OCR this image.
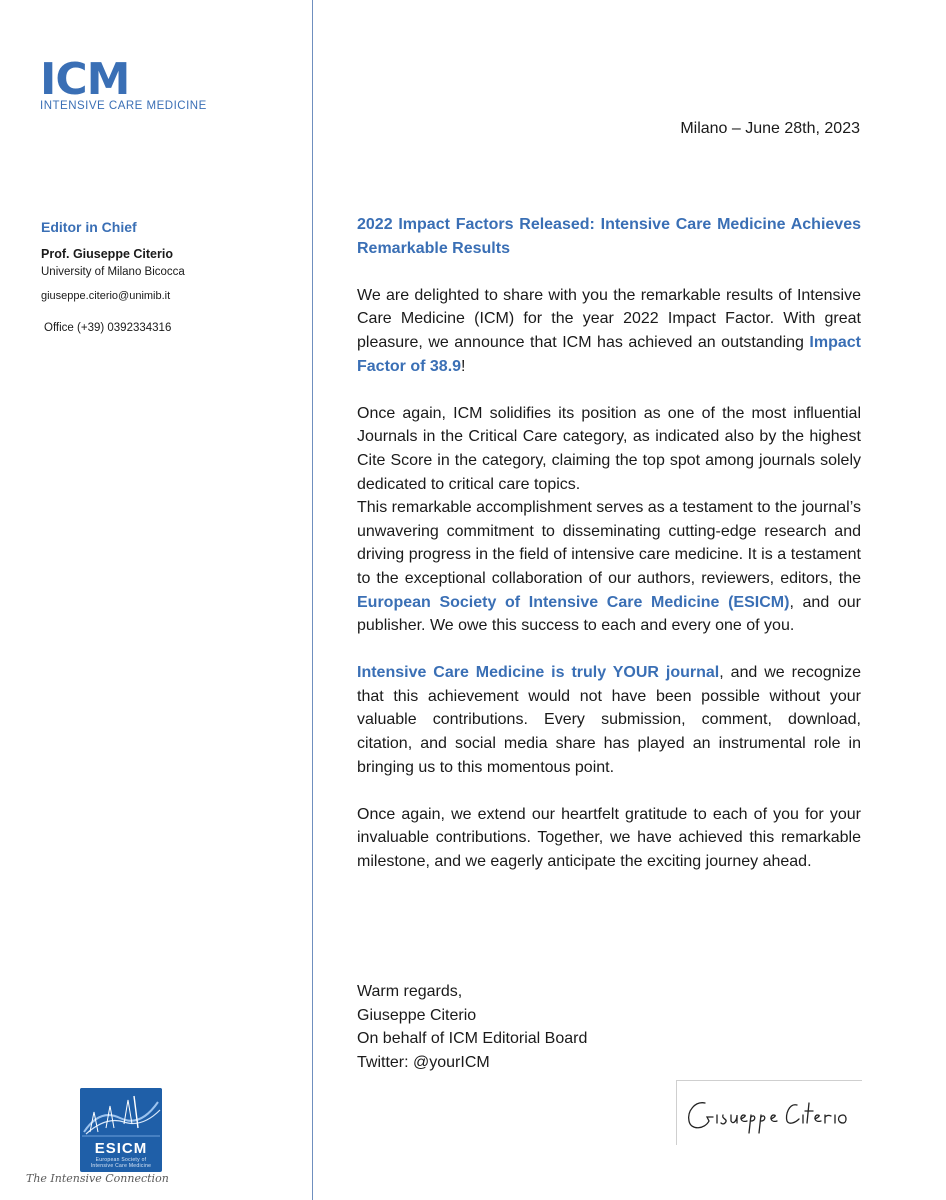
ICM
INTENSIVE CARE MEDICINE
Editor in Chief
Prof. Giuseppe Citerio
University of Milano Bicocca
giuseppe.citerio@unimib.it
Office (+39) 0392334316
ESICM
European Society of Intensive Care Medicine
The Intensive Connection
Milano – June 28th, 2023

2022 Impact Factors Released: Intensive Care Medicine Achieves Remarkable Results

We are delighted to share with you the remarkable results of Intensive Care Medicine (ICM) for the year 2022 Impact Factor. With great pleasure, we announce that ICM has achieved an outstanding Impact Factor of 38.9!

Once again, ICM solidifies its position as one of the most influential Journals in the Critical Care category, as indicated also by the highest Cite Score in the category, claiming the top spot among journals solely dedicated to critical care topics.

This remarkable accomplishment serves as a testament to the journal’s unwavering commitment to disseminating cutting-edge research and driving progress in the field of intensive care medicine. It is a testament to the exceptional collaboration of our authors, reviewers, editors, the European Society of Intensive Care Medicine (ESICM), and our publisher. We owe this success to each and every one of you.

Intensive Care Medicine is truly YOUR journal, and we recognize that this achievement would not have been possible without your valuable contributions. Every submission, comment, download, citation, and social media share has played an instrumental role in bringing us to this momentous point.

Once again, we extend our heartfelt gratitude to each of you for your invaluable contributions. Together, we have achieved this remarkable milestone, and we eagerly anticipate the exciting journey ahead.

Warm regards,
Giuseppe Citerio
On behalf of ICM Editorial Board
Twitter: @yourICM
